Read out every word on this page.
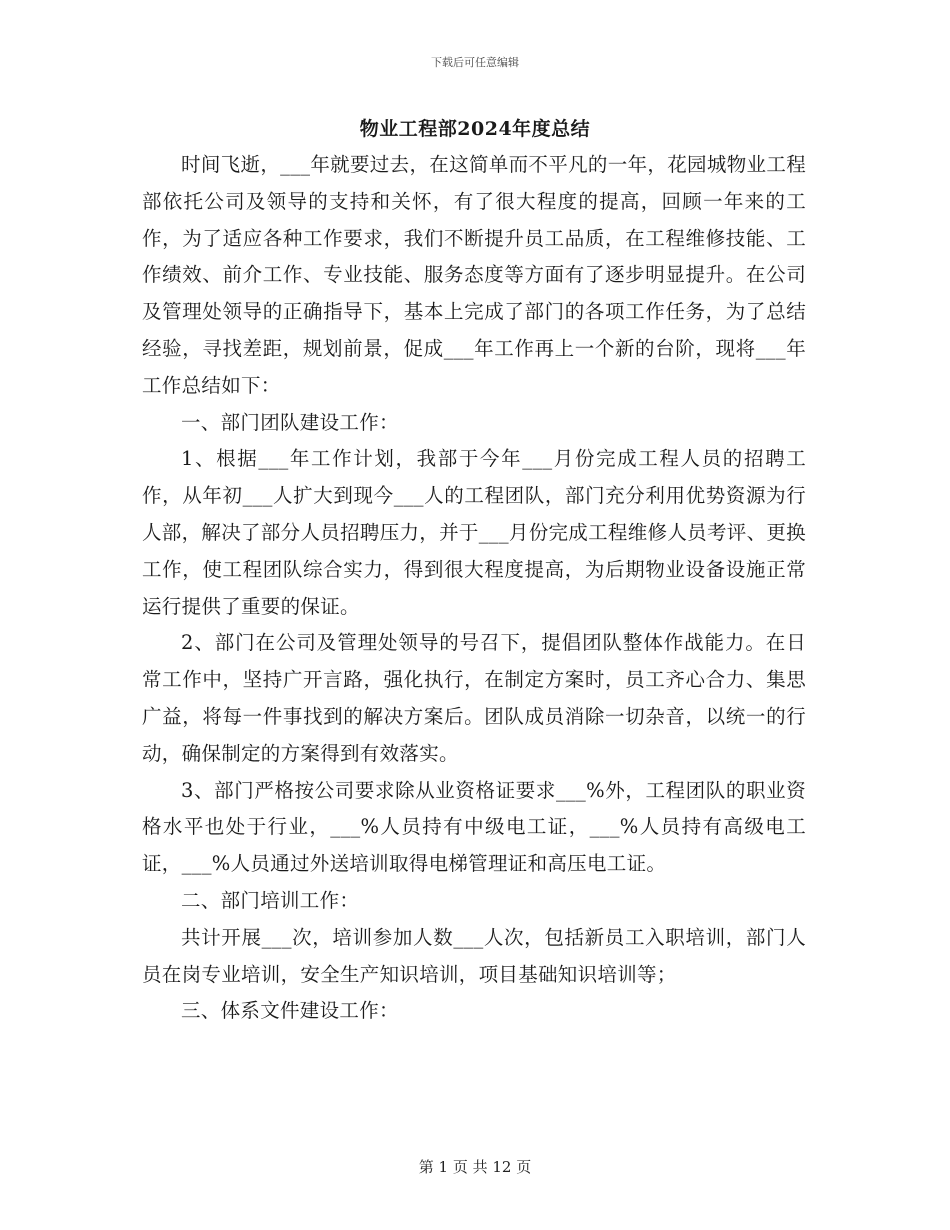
下载后可任意编辑
物业工程部2024年度总结

时间飞逝，___年就要过去，在这简单而不平凡的一年，花园城物业工程部依托公司及领导的支持和关怀，有了很大程度的提高，回顾一年来的工作，为了适应各种工作要求，我们不断提升员工品质，在工程维修技能、工作绩效、前介工作、专业技能、服务态度等方面有了逐步明显提升。在公司及管理处领导的正确指导下，基本上完成了部门的各项工作任务，为了总结经验，寻找差距，规划前景，促成___年工作再上一个新的台阶，现将___年工作总结如下：

一、部门团队建设工作：

1、根据___年工作计划，我部于今年___月份完成工程人员的招聘工作，从年初___人扩大到现今___人的工程团队，部门充分利用优势资源为行人部，解决了部分人员招聘压力，并于___月份完成工程维修人员考评、更换工作，使工程团队综合实力，得到很大程度提高，为后期物业设备设施正常运行提供了重要的保证。

2、部门在公司及管理处领导的号召下，提倡团队整体作战能力。在日常工作中，坚持广开言路，强化执行，在制定方案时，员工齐心合力、集思广益，将每一件事找到的解决方案后。团队成员消除一切杂音，以统一的行动，确保制定的方案得到有效落实。

3、部门严格按公司要求除从业资格证要求___%外，工程团队的职业资格水平也处于行业，___%人员持有中级电工证，___%人员持有高级电工证，___%人员通过外送培训取得电梯管理证和高压电工证。

二、部门培训工作：

共计开展___次，培训参加人数___人次，包括新员工入职培训，部门人员在岗专业培训，安全生产知识培训，项目基础知识培训等；

三、体系文件建设工作：

第 1 页 共 12 页
